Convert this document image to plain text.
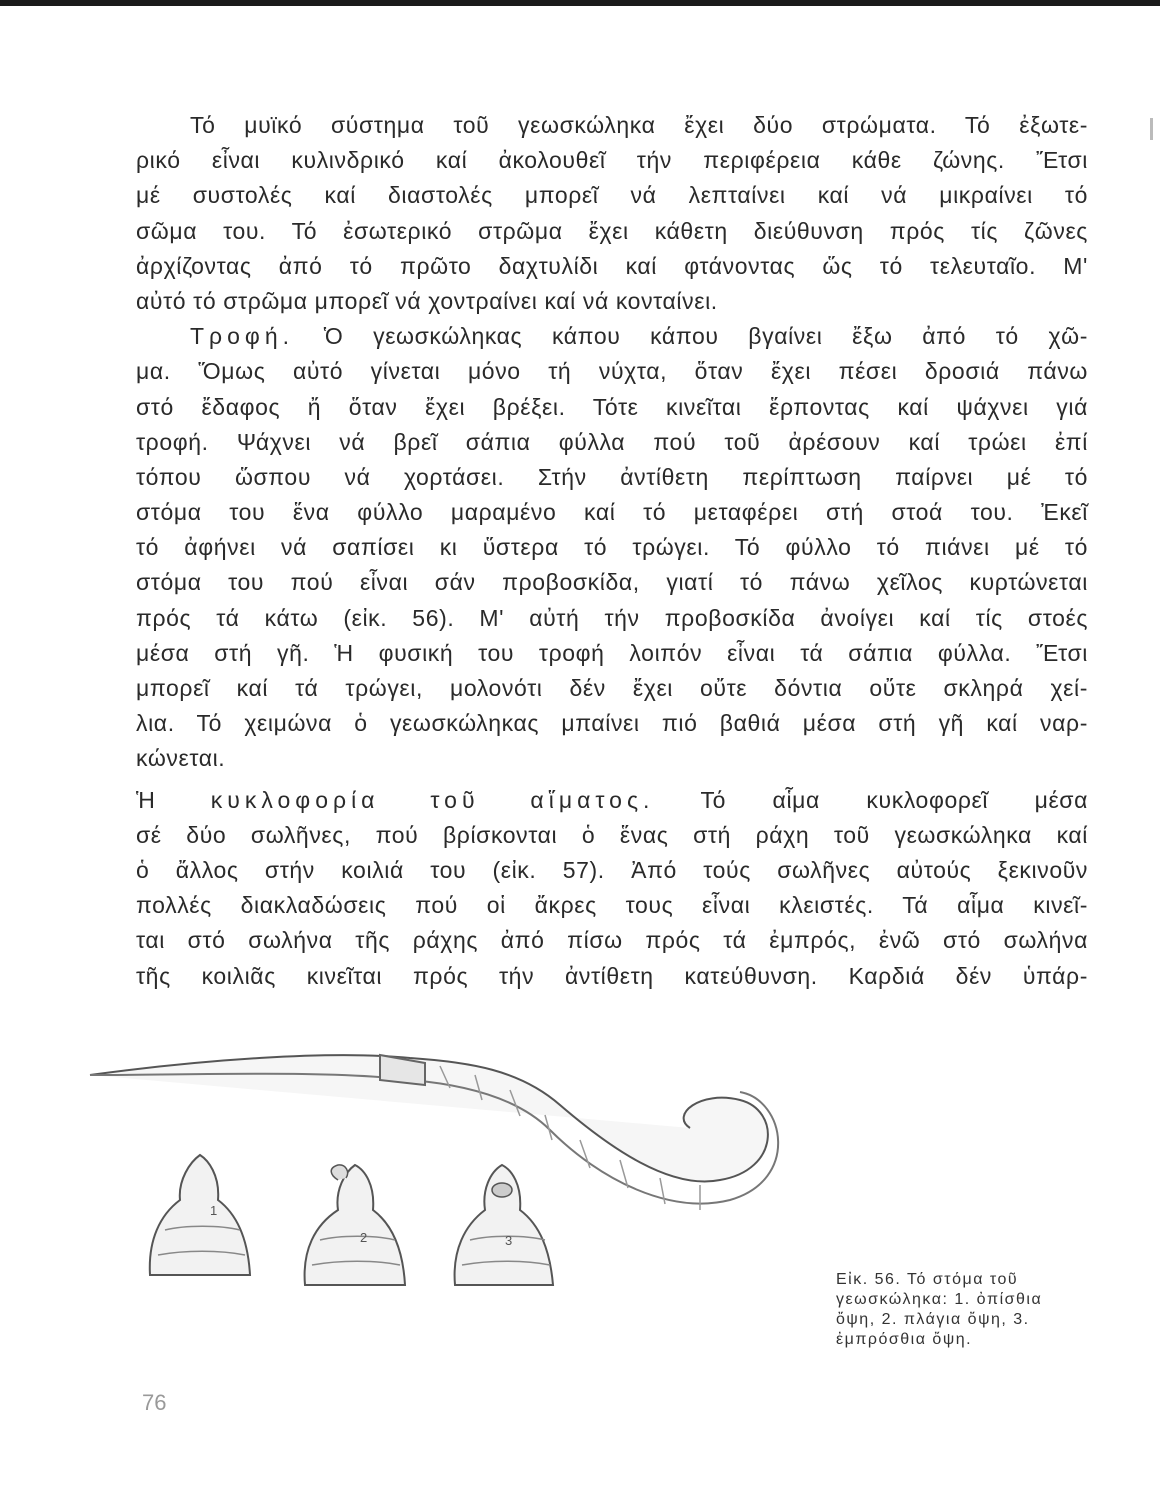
Τό μυϊκό σύστημα τοῦ γεωσκώληκα ἔχει δύο στρώματα. Τό ἐξωτε-
ρικό εἶναι κυλινδρικό καί ἀκολουθεῖ τήν περιφέρεια κάθε ζώνης. Ἔτσι
μέ συστολές καί διαστολές μπορεῖ νά λεπταίνει καί νά μικραίνει τό
σῶμα του. Τό ἐσωτερικό στρῶμα ἔχει κάθετη διεύθυνση πρός τίς ζῶνες
ἀρχίζοντας ἀπό τό πρῶτο δαχτυλίδι καί φτάνοντας ὥς τό τελευταῖο. Μ'
αὐτό τό στρῶμα μπορεῖ νά χοντραίνει καί νά κονταίνει.
Τροφή. Ὁ γεωσκώληκας κάπου κάπου βγαίνει ἔξω ἀπό τό χῶ-
μα. Ὅμως αὐτό γίνεται μόνο τή νύχτα, ὅταν ἔχει πέσει δροσιά πάνω
στό ἔδαφος ἤ ὅταν ἔχει βρέξει. Τότε κινεῖται ἕρποντας καί ψάχνει γιά
τροφή. Ψάχνει νά βρεῖ σάπια φύλλα πού τοῦ ἀρέσουν καί τρώει ἐπί
τόπου ὥσπου νά χορτάσει. Στήν ἀντίθετη περίπτωση παίρνει μέ τό
στόμα του ἕνα φύλλο μαραμένο καί τό μεταφέρει στή στοά του. Ἐκεῖ
τό ἀφήνει νά σαπίσει κι ὕστερα τό τρώγει. Τό φύλλο τό πιάνει μέ τό
στόμα του πού εἶναι σάν προβοσκίδα, γιατί τό πάνω χεῖλος κυρτώνεται
πρός τά κάτω (εἰκ. 56). Μ' αὐτή τήν προβοσκίδα ἀνοίγει καί τίς στοές
μέσα στή γῆ. Ἡ φυσική του τροφή λοιπόν εἶναι τά σάπια φύλλα. Ἔτσι
μπορεῖ καί τά τρώγει, μολονότι δέν ἔχει οὔτε δόντια οὔτε σκληρά χεί-
λια. Τό χειμώνα ὁ γεωσκώληκας μπαίνει πιό βαθιά μέσα στή γῆ καί ναρ-
κώνεται.
Ἡ κυκλοφορία τοῦ αἵματος. Τό αἷμα κυκλοφορεῖ μέσα
σέ δύο σωλῆνες, πού βρίσκονται ὁ ἕνας στή ράχη τοῦ γεωσκώληκα καί
ὁ ἄλλος στήν κοιλιά του (εἰκ. 57). Ἀπό τούς σωλῆνες αὐτούς ξεκινοῦν
πολλές διακλαδώσεις πού οἱ ἄκρες τους εἶναι κλειστές. Τά αἷμα κινεῖ-
ται στό σωλήνα τῆς ράχης ἀπό πίσω πρός τά ἐμπρός, ἐνῶ στό σωλήνα
τῆς κοιλιᾶς κινεῖται πρός τήν ἀντίθετη κατεύθυνση. Καρδιά δέν ὑπάρ-
1
2	3
Εἰκ. 56. Τό στόμα τοῦ
γεωσκώληκα: 1. ὀπίσθια
ὄψη, 2. πλάγια ὄψη, 3.
ἐμπρόσθια ὄψη.
76
